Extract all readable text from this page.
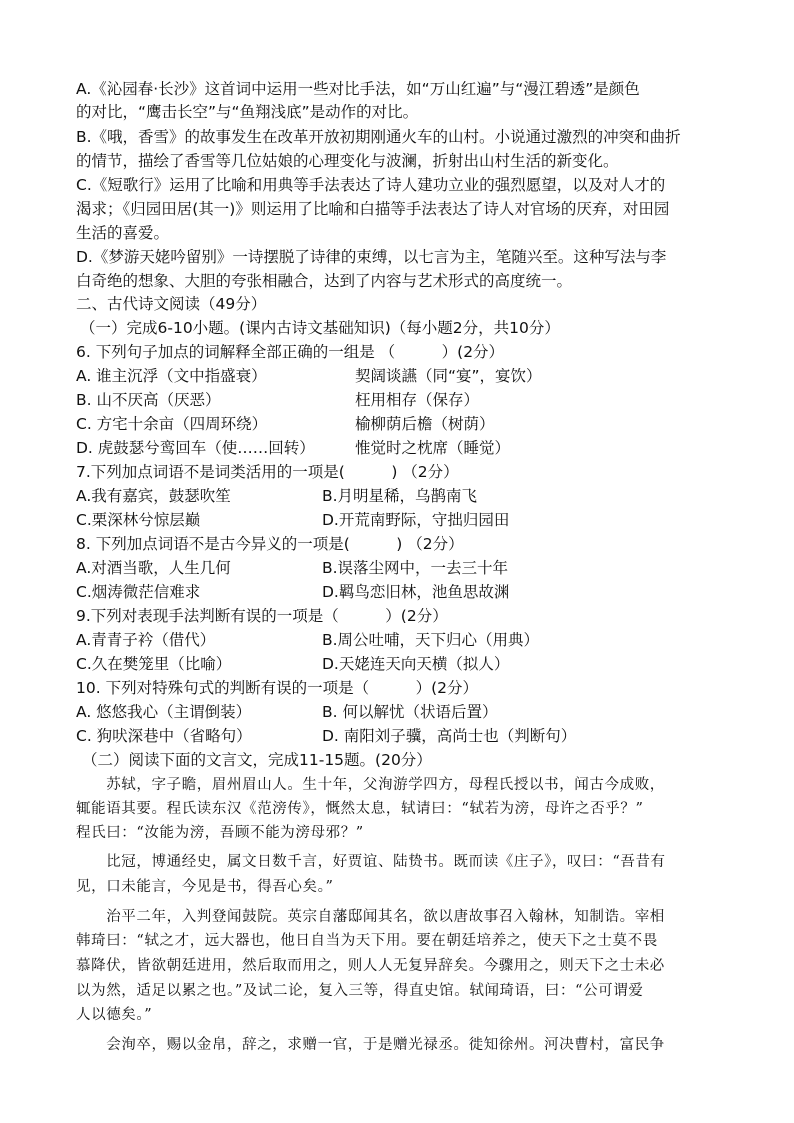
A.《沁园春·长沙》这首词中运用一些对比手法，如“万山红遍”与“漫江碧透”是颜色
的对比，“鹰击长空”与“鱼翔浅底”是动作的对比。
B.《哦，香雪》的故事发生在改革开放初期刚通火车的山村。小说通过激烈的冲突和曲折
的情节，描绘了香雪等几位姑娘的心理变化与波澜，折射出山村生活的新变化。
C.《短歌行》运用了比喻和用典等手法表达了诗人建功立业的强烈愿望，以及对人才的
渴求；《归园田居(其一)》则运用了比喻和白描等手法表达了诗人对官场的厌弃，对田园
生活的喜爱。
D.《梦游天姥吟留别》一诗摆脱了诗律的束缚，以七言为主，笔随兴至。这种写法与李
白奇绝的想象、大胆的夸张相融合，达到了内容与艺术形式的高度统一。
二、古代诗文阅读（49分）
（一）完成6-10小题。(课内古诗文基础知识)（每小题2分，共10分）
6. 下列句子加点的词解释全部正确的一组是 （　　　）(2分）
A. 谁主沉浮（文中指盛衰）	契阔谈讌（同“宴”，宴饮）
B. 山不厌高（厌恶）	枉用相存（保存）
C. 方宅十余亩（四周环绕）	榆柳荫后檐（树荫）
D. 虎鼓瑟兮鸾回车（使……回转）	惟觉时之枕席（睡觉）
7.下列加点词语不是词类活用的一项是(　　　) （2分）
A.我有嘉宾，鼓瑟吹笙	B.月明星稀，乌鹊南飞
C.栗深林兮惊层巅	D.开荒南野际，守拙归园田
8. 下列加点词语不是古今异义的一项是(　　　) （2分）
A.对酒当歌，人生几何	B.误落尘网中，一去三十年
C.烟涛微茫信难求	D.羁鸟恋旧林，池鱼思故渊
9.下列对表现手法判断有误的一项是（　　　）(2分）
A.青青子衿（借代）	B.周公吐哺，天下归心（用典）
C.久在樊笼里（比喻）	D.天姥连天向天横（拟人）
10. 下列对特殊句式的判断有误的一项是（　　　）(2分）
A. 悠悠我心（主谓倒装）	B. 何以解忧（状语后置）
C. 狗吠深巷中（省略句）	D. 南阳刘子骥，高尚士也（判断句）
（二）阅读下面的文言文，完成11-15题。(20分）
　　苏轼，字子瞻，眉州眉山人。生十年，父洵游学四方，母程氏授以书，闻古今成败，
辄能语其要。程氏读东汉《范滂传》，慨然太息，轼请曰：“轼若为滂，母许之否乎？”
程氏曰：“汝能为滂，吾顾不能为滂母邪？”
　　比冠，博通经史，属文日数千言，好贾谊、陆贽书。既而读《庄子》，叹曰：“吾昔有
见，口未能言，今见是书，得吾心矣。”
　　治平二年，入判登闻鼓院。英宗自藩邸闻其名，欲以唐故事召入翰林，知制诰。宰相
韩琦曰：“轼之才，远大器也，他日自当为天下用。要在朝廷培养之，使天下之士莫不畏
慕降伏，皆欲朝廷进用，然后取而用之，则人人无复异辞矣。今骤用之，则天下之士未必
以为然，适足以累之也。”及试二论，复入三等，得直史馆。轼闻琦语，曰：“公可谓爱
人以德矣。”
　　会洵卒，赐以金帛，辞之，求赠一官，于是赠光禄丞。徙知徐州。河决曹村，富民争
